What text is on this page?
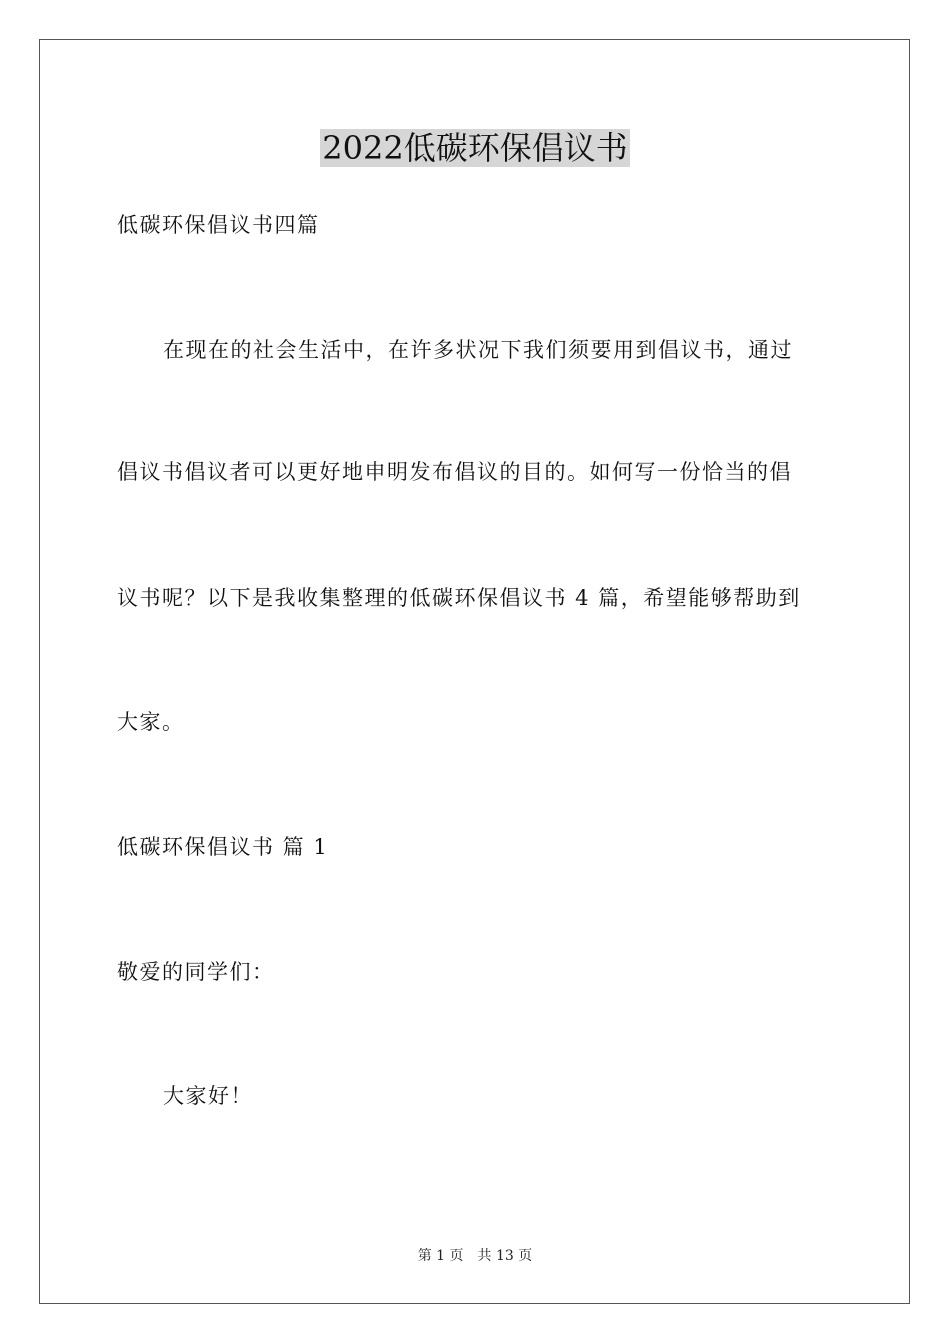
2022低碳环保倡议书
低碳环保倡议书四篇
在现在的社会生活中，在许多状况下我们须要用到倡议书，通过
倡议书倡议者可以更好地申明发布倡议的目的。如何写一份恰当的倡
议书呢？以下是我收集整理的低碳环保倡议书 4 篇，希望能够帮助到
大家。
低碳环保倡议书 篇 1
敬爱的同学们：
大家好！
第 1 页　共 13 页
